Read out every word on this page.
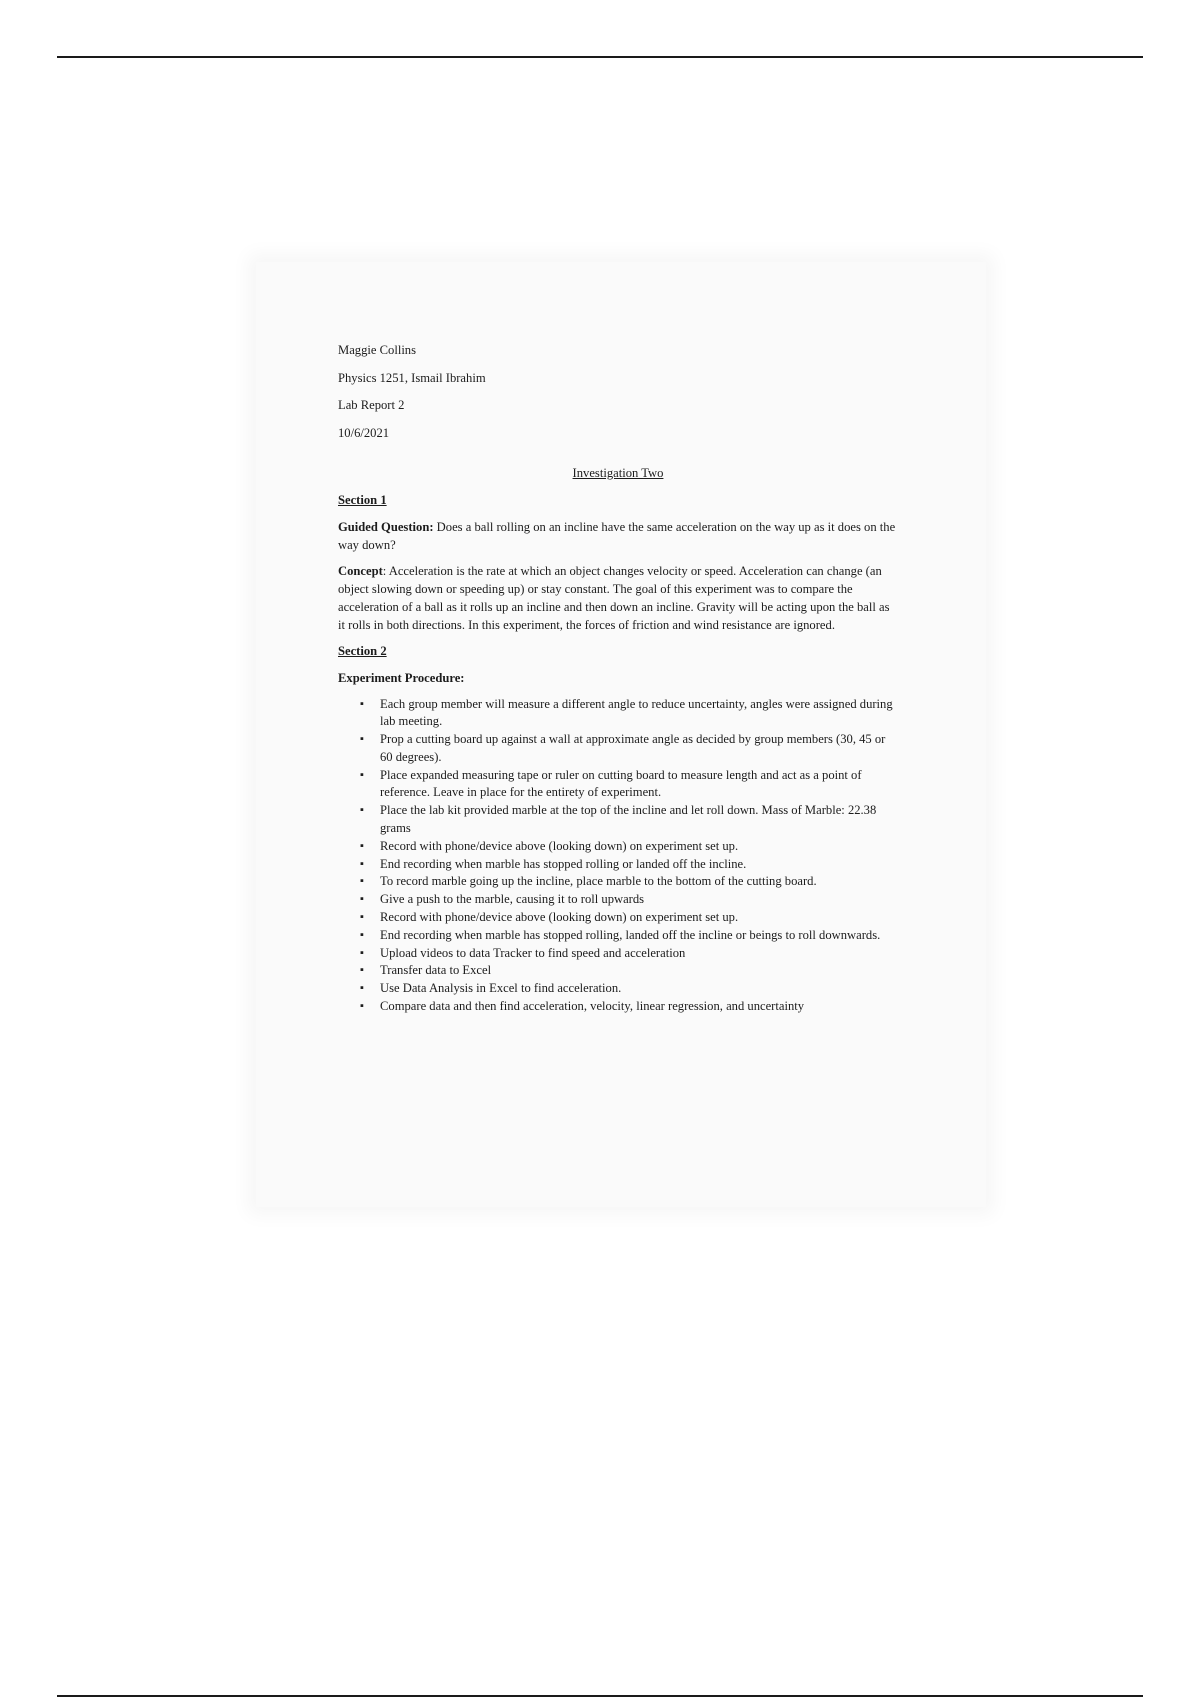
Maggie Collins
Physics 1251, Ismail Ibrahim
Lab Report 2
10/6/2021
Investigation Two
Section 1
Guided Question: Does a ball rolling on an incline have the same acceleration on the way up as it does on the way down?
Concept: Acceleration is the rate at which an object changes velocity or speed. Acceleration can change (an object slowing down or speeding up) or stay constant. The goal of this experiment was to compare the acceleration of a ball as it rolls up an incline and then down an incline. Gravity will be acting upon the ball as it rolls in both directions. In this experiment, the forces of friction and wind resistance are ignored.
Section 2
Experiment Procedure:
▪ Each group member will measure a different angle to reduce uncertainty, angles were assigned during lab meeting.
▪ Prop a cutting board up against a wall at approximate angle as decided by group members (30, 45 or 60 degrees).
▪ Place expanded measuring tape or ruler on cutting board to measure length and act as a point of reference. Leave in place for the entirety of experiment.
▪ Place the lab kit provided marble at the top of the incline and let roll down. Mass of Marble: 22.38 grams
▪ Record with phone/device above (looking down) on experiment set up.
▪ End recording when marble has stopped rolling or landed off the incline.
▪ To record marble going up the incline, place marble to the bottom of the cutting board.
▪ Give a push to the marble, causing it to roll upwards
▪ Record with phone/device above (looking down) on experiment set up.
▪ End recording when marble has stopped rolling, landed off the incline or beings to roll downwards.
▪ Upload videos to data Tracker to find speed and acceleration
▪ Transfer data to Excel
▪ Use Data Analysis in Excel to find acceleration.
▪ Compare data and then find acceleration, velocity, linear regression, and uncertainty
